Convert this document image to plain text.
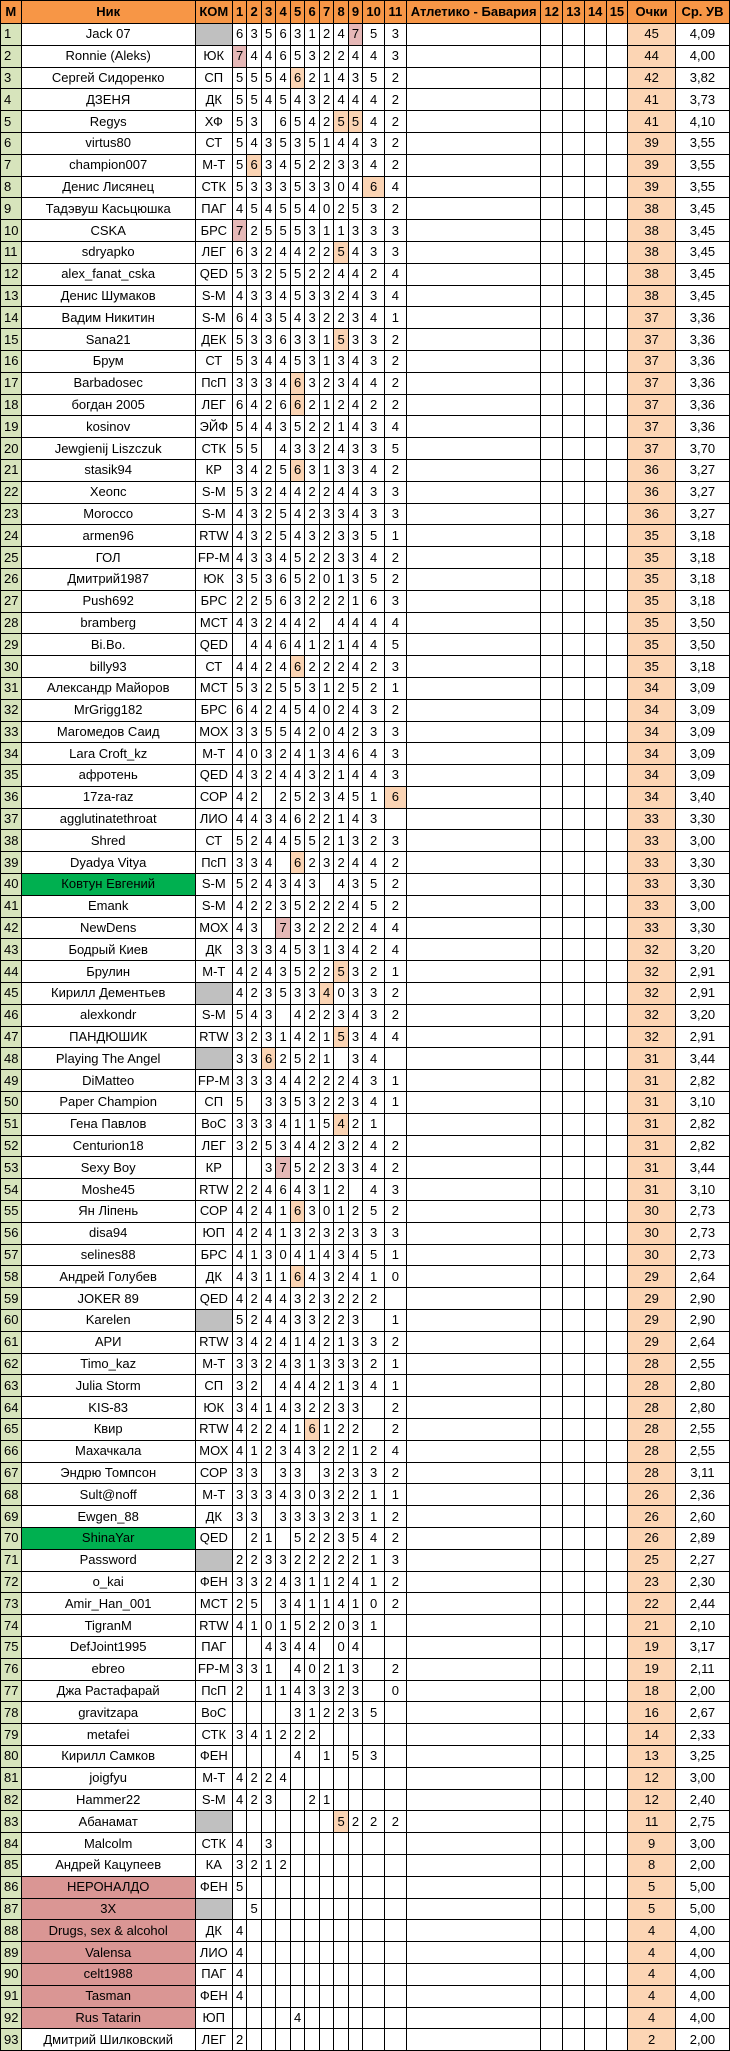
М	Ник	КОМ	1	2	3	4	5	6	7	8	9	10	11	Атлетико - Бавария	12	13	14	15	Очки	Ср. УВ
1	Jack 07		6	3	5	6	3	1	2	4	7	5	3						45	4,09
2	Ronnie (Aleks)	ЮК	7	4	4	6	5	3	2	2	4	4	3						44	4,00
3	Сергей Сидоренко	СП	5	5	5	4	6	2	1	4	3	5	2						42	3,82
4	ДЗЕНЯ	ДК	5	5	4	5	4	3	2	4	4	4	2						41	3,73
5	Regys	ХФ	5	3		6	5	4	2	5	5	4	2						41	4,10
6	virtus80	СТ	5	4	3	5	3	5	1	4	4	3	2						39	3,55
7	champion007	М-Т	5	6	3	4	5	2	2	3	3	4	2						39	3,55
8	Денис Лисянец	СТК	5	3	3	3	5	3	3	0	4	6	4						39	3,55
9	Тадэвуш Касьцюшка	ПАГ	4	5	4	5	5	4	0	2	5	3	2						38	3,45
10	CSKA	БРС	7	2	5	5	5	3	1	1	3	3	3						38	3,45
11	sdryapko	ЛЕГ	6	3	2	4	4	2	2	5	4	3	3						38	3,45
12	alex_fanat_cska	QED	5	3	2	5	5	2	2	4	4	2	4						38	3,45
13	Денис Шумаков	S-M	4	3	3	4	5	3	3	2	4	3	4						38	3,45
14	Вадим Никитин	S-M	6	4	3	5	4	3	2	2	3	4	1						37	3,36
15	Sana21	ДЕК	5	3	3	6	3	3	1	5	3	3	2						37	3,36
16	Брум	СТ	5	3	4	4	5	3	1	3	4	3	2						37	3,36
17	Barbadosec	ПсП	3	3	3	4	6	3	2	3	4	4	2						37	3,36
18	богдан 2005	ЛЕГ	6	4	2	6	6	2	1	2	4	2	2						37	3,36
19	kosinov	ЭЙФ	5	4	4	3	5	2	2	1	4	3	4						37	3,36
20	Jewgienij Liszczuk	СТК	5	5		4	3	3	2	4	3	3	5						37	3,70
21	stasik94	КР	3	4	2	5	6	3	1	3	3	4	2						36	3,27
22	Хеопс	S-M	5	3	2	4	4	2	2	4	4	3	3						36	3,27
23	Morocco	S-M	4	3	2	5	4	2	3	3	4	3	3						36	3,27
24	armen96	RTW	4	3	2	5	4	3	2	3	3	5	1						35	3,18
25	ГОЛ	FP-M	4	3	3	4	5	2	2	3	3	4	2						35	3,18
26	Дмитрий1987	ЮК	3	5	3	6	5	2	0	1	3	5	2						35	3,18
27	Push692	БРС	2	2	5	6	3	2	2	2	1	6	3						35	3,18
28	bramberg	МСТ	4	3	2	4	4	2		4	4	4	4						35	3,50
29	Bi.Bo.	QED		4	4	6	4	1	2	1	4	4	5						35	3,50
30	billy93	СТ	4	4	2	4	6	2	2	2	4	2	3						35	3,18
31	Александр Майоров	МСТ	5	3	2	5	5	3	1	2	5	2	1						34	3,09
32	MrGrigg182	БРС	6	4	2	4	5	4	0	2	4	3	2						34	3,09
33	Магомедов Саид	МОХ	3	3	5	5	4	2	0	4	2	3	3						34	3,09
34	Lara Croft_kz	М-Т	4	0	3	2	4	1	3	4	6	4	3						34	3,09
35	афротень	QED	4	3	2	4	4	3	2	1	4	4	3						34	3,09
36	17za-raz	СОР	4	2		2	5	2	3	4	5	1	6						34	3,40
37	agglutinatethroat	ЛИО	4	4	3	4	6	2	2	1	4	3							33	3,30
38	Shred	СТ	5	2	4	4	5	5	2	1	3	2	3						33	3,00
39	Dyadya Vitya	ПсП	3	3	4		6	2	3	2	4	4	2						33	3,30
40	Ковтун Евгений	S-M	5	2	4	3	4	3		4	3	5	2						33	3,30
41	Emank	S-M	4	2	2	3	5	2	2	2	4	5	2						33	3,00
42	NewDens	МОХ	4	3		7	3	2	2	2	2	4	4						33	3,30
43	Бодрый Киев	ДК	3	3	3	4	5	3	1	3	4	2	4						32	3,20
44	Брулин	М-Т	4	2	4	3	5	2	2	5	3	2	1						32	2,91
45	Кирилл Дементьев		4	2	3	5	3	3	4	0	3	3	2						32	2,91
46	alexkondr	S-M	5	4	3		4	2	2	3	4	3	2						32	3,20
47	ПАНДЮШИК	RTW	3	2	3	1	4	2	1	5	3	4	4						32	2,91
48	Playing The Angel		3	3	6	2	5	2	1		3	4							31	3,44
49	DiMatteo	FP-M	3	3	3	4	4	2	2	2	4	3	1						31	2,82
50	Paper Champion	СП	5		3	3	5	3	2	2	3	4	1						31	3,10
51	Гена Павлов	ВоС	3	3	3	4	1	1	5	4	2	1							31	2,82
52	Centurion18	ЛЕГ	3	2	5	3	4	4	2	3	2	4	2						31	2,82
53	Sexy Boy	КР			3	7	5	2	2	3	3	4	2						31	3,44
54	Moshe45	RTW	2	2	4	6	4	3	1	2		4	3						31	3,10
55	Ян Ліпень	СОР	4	2	4	1	6	3	0	1	2	5	2						30	2,73
56	disa94	ЮП	4	2	4	1	3	2	3	2	3	3	3						30	2,73
57	selines88	БРС	4	1	3	0	4	1	4	3	4	5	1						30	2,73
58	Андрей Голубев	ДК	4	3	1	1	6	4	3	2	4	1	0						29	2,64
59	JOKER 89	QED	4	2	4	4	3	2	3	2	2	2							29	2,90
60	Karelen		5	2	4	4	3	3	2	2	3		1						29	2,90
61	АРИ	RTW	3	4	2	4	1	4	2	1	3	3	2						29	2,64
62	Timo_kaz	М-Т	3	3	2	4	3	1	3	3	3	2	1						28	2,55
63	Julia Storm	СП	3	2		4	4	4	2	1	3	4	1						28	2,80
64	KIS-83	ЮК	3	4	1	4	3	2	2	3	3		2						28	2,80
65	Квир	RTW	4	2	2	4	1	6	1	2	2		2						28	2,55
66	Махачкала	МОХ	4	1	2	3	4	3	2	2	1	2	4						28	2,55
67	Эндрю Томпсон	СОР	3	3		3	3		3	2	3	3	2						28	3,11
68	Sult@noff	М-Т	3	3	3	4	3	0	3	2	2	1	1						26	2,36
69	Ewgen_88	ДК	3	3		3	3	3	3	2	3	1	2						26	2,60
70	ShinaYar	QED		2	1		5	2	2	3	5	4	2						26	2,89
71	Password		2	2	3	3	2	2	2	2	2	1	3						25	2,27
72	o_kai	ФЕН	3	3	2	4	3	1	1	2	4	1	2						23	2,30
73	Amir_Han_001	МСТ	2	5		3	4	1	1	4	1	0	2						22	2,44
74	TigranM	RTW	4	1	0	1	5	2	2	0	3	1							21	2,10
75	DefJoint1995	ПАГ			4	3	4	4		0	4								19	3,17
76	ebreo	FP-M	3	3	1		4	0	2	1	3		2						19	2,11
77	Джа Растафарай	ПсП	2		1	1	4	3	3	2	3		0						18	2,00
78	gravitzapa	ВоС					3	1	2	2	3	5							16	2,67
79	metafei	СТК	3	4	1	2	2	2											14	2,33
80	Кирилл Самков	ФЕН					4		1		5	3							13	3,25
81	joigfyu	М-Т	4	2	2	4													12	3,00
82	Hammer22	S-M	4	2	3			2	1										12	2,40
83	Абанамат									5	2	2	2						11	2,75
84	Malcolm	СТК	4		3														9	3,00
85	Андрей Кацупеев	КА	3	2	1	2													8	2,00
86	НЕРОНАЛДО	ФЕН	5																5	5,00
87	3Х			5															5	5,00
88	Drugs, sex & alcohol	ДК	4																4	4,00
89	Valensa	ЛИО	4																4	4,00
90	celt1988	ПАГ	4																4	4,00
91	Tasman	ФЕН	4																4	4,00
92	Rus Tatarin	ЮП					4												4	4,00
93	Дмитрий Шилковский	ЛЕГ	2																2	2,00
